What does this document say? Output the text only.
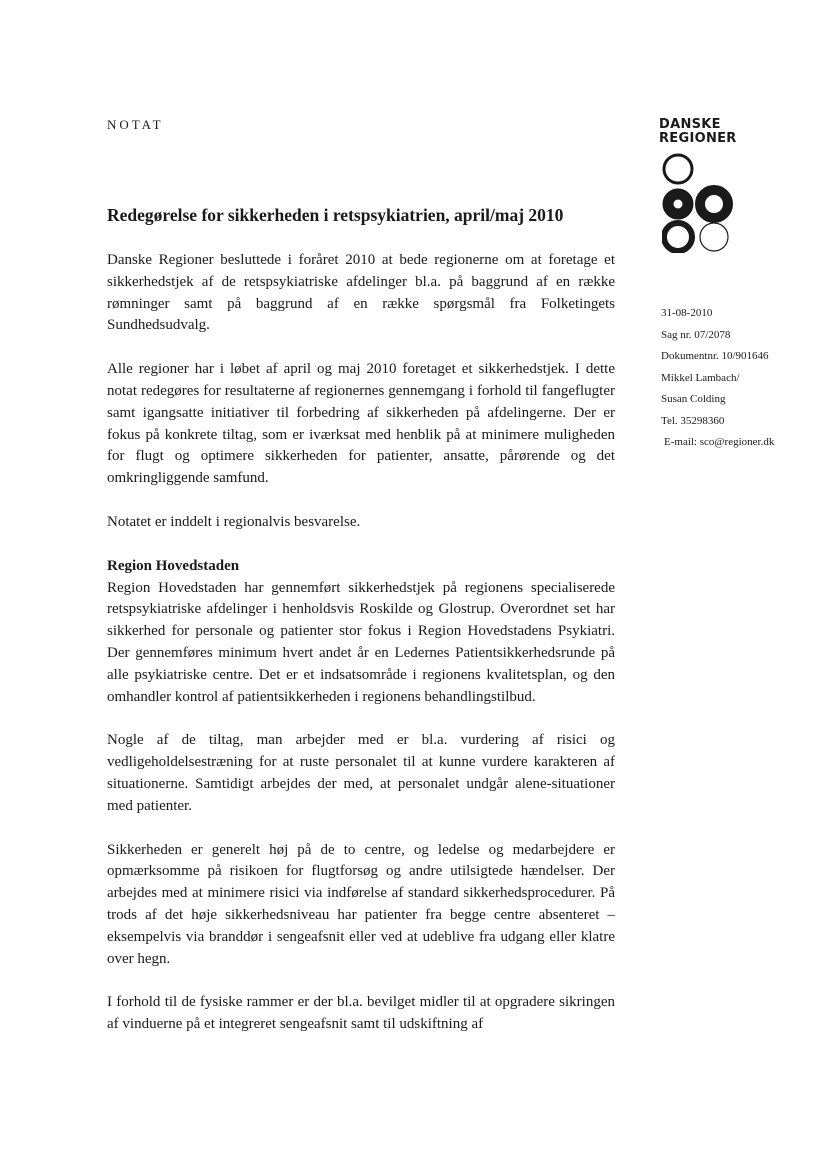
NOTAT	DANSKE
REGIONER
31-08-2010
Sag nr. 07/2078
Dokumentnr. 10/901646
Mikkel Lambach/
Susan Colding
Tel. 35298360
E-mail: sco@regioner.dk
Redegørelse for sikkerheden i retspsykiatrien, april/maj 2010

Danske Regioner besluttede i foråret 2010 at bede regionerne om at foretage et sikkerhedstjek af de retspsykiatriske afdelinger bl.a. på baggrund af en række rømninger samt på baggrund af en række spørgsmål fra Folketingets Sundhedsudvalg.

Alle regioner har i løbet af april og maj 2010 foretaget et sikkerhedstjek. I dette notat redegøres for resultaterne af regionernes gennemgang i forhold til fangeflugter samt igangsatte initiativer til forbedring af sikkerheden på afdelingerne. Der er fokus på konkrete tiltag, som er iværksat med henblik på at minimere muligheden for flugt og optimere sikkerheden for patienter, ansatte, pårørende og det omkringliggende samfund.

Notatet er inddelt i regionalvis besvarelse.

Region Hovedstaden

Region Hovedstaden har gennemført sikkerhedstjek på regionens specialiserede retspsykiatriske afdelinger i henholdsvis Roskilde og Glostrup. Overordnet set har sikkerhed for personale og patienter stor fokus i Region Hovedstadens Psykiatri. Der gennemføres minimum hvert andet år en Ledernes Patientsikkerhedsrunde på alle psykiatriske centre. Det er et indsatsområde i regionens kvalitetsplan, og den omhandler kontrol af patientsikkerheden i regionens behandlingstilbud.

Nogle af de tiltag, man arbejder med er bl.a. vurdering af risici og vedligeholdelsestræning for at ruste personalet til at kunne vurdere karakteren af situationerne. Samtidigt arbejdes der med, at personalet undgår alene-situationer med patienter.

Sikkerheden er generelt høj på de to centre, og ledelse og medarbejdere er opmærksomme på risikoen for flugtforsøg og andre utilsigtede hændelser. Der arbejdes med at minimere risici via indførelse af standard sikkerhedsprocedurer. På trods af det høje sikkerhedsniveau har patienter fra begge centre absenteret – eksempelvis via branddør i sengeafsnit eller ved at udeblive fra udgang eller klatre over hegn.

I forhold til de fysiske rammer er der bl.a. bevilget midler til at opgradere sikringen af vinduerne på et integreret sengeafsnit samt til udskiftning af
